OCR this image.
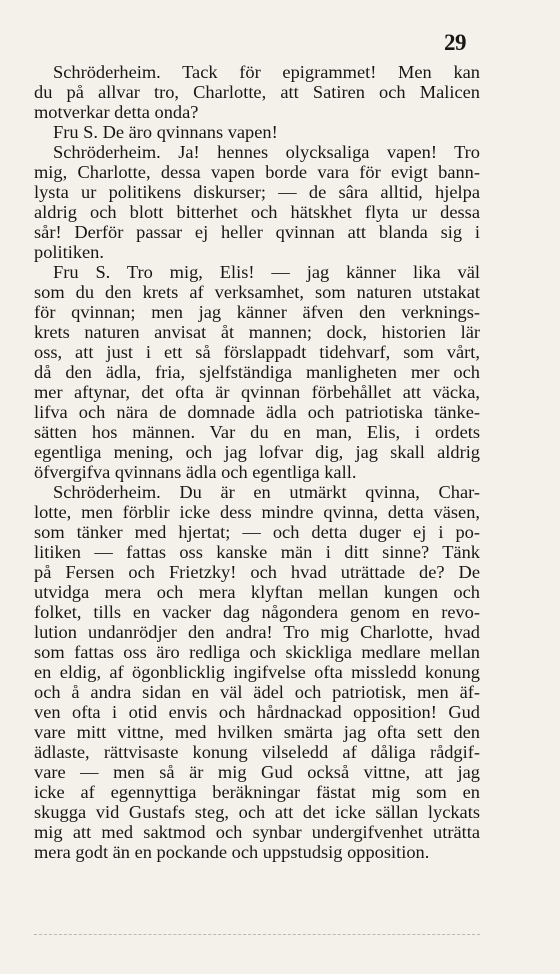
29
Schröderheim. Tack för epigrammet! Men kan
du på allvar tro, Charlotte, att Satiren och Malicen
motverkar detta onda?
Fru S. De äro qvinnans vapen!
Schröderheim. Ja! hennes olycksaliga vapen! Tro
mig, Charlotte, dessa vapen borde vara för evigt bann-
lysta ur politikens diskurser; — de sâra alltid, hjelpa
aldrig och blott bitterhet och hätskhet flyta ur dessa
sår! Derför passar ej heller qvinnan att blanda sig i
politiken.
Fru S. Tro mig, Elis! — jag känner lika väl
som du den krets af verksamhet, som naturen utstakat
för qvinnan; men jag känner äfven den verknings-
krets naturen anvisat åt mannen; dock, historien lär
oss, att just i ett så förslappadt tidehvarf, som vårt,
då den ädla, fria, sjelfständiga manligheten mer och
mer aftynar, det ofta är qvinnan förbehållet att väcka,
lifva och nära de domnade ädla och patriotiska tänke-
sätten hos männen. Var du en man, Elis, i ordets
egentliga mening, och jag lofvar dig, jag skall aldrig
öfvergifva qvinnans ädla och egentliga kall.
Schröderheim. Du är en utmärkt qvinna, Char-
lotte, men förblir icke dess mindre qvinna, detta väsen,
som tänker med hjertat; — och detta duger ej i po-
litiken — fattas oss kanske män i ditt sinne? Tänk
på Fersen och Frietzky! och hvad uträttade de? De
utvidga mera och mera klyftan mellan kungen och
folket, tills en vacker dag någondera genom en revo-
lution undanrödjer den andra! Tro mig Charlotte, hvad
som fattas oss äro redliga och skickliga medlare mellan
en eldig, af ögonblicklig ingifvelse ofta missledd konung
och å andra sidan en väl ädel och patriotisk, men äf-
ven ofta i otid envis och hårdnackad opposition! Gud
vare mitt vittne, med hvilken smärta jag ofta sett den
ädlaste, rättvisaste konung vilseledd af dåliga rådgif-
vare — men så är mig Gud också vittne, att jag
icke af egennyttiga beräkningar fästat mig som en
skugga vid Gustafs steg, och att det icke sällan lyckats
mig att med saktmod och synbar undergifvenhet uträtta
mera godt än en pockande och uppstudsig opposition.
